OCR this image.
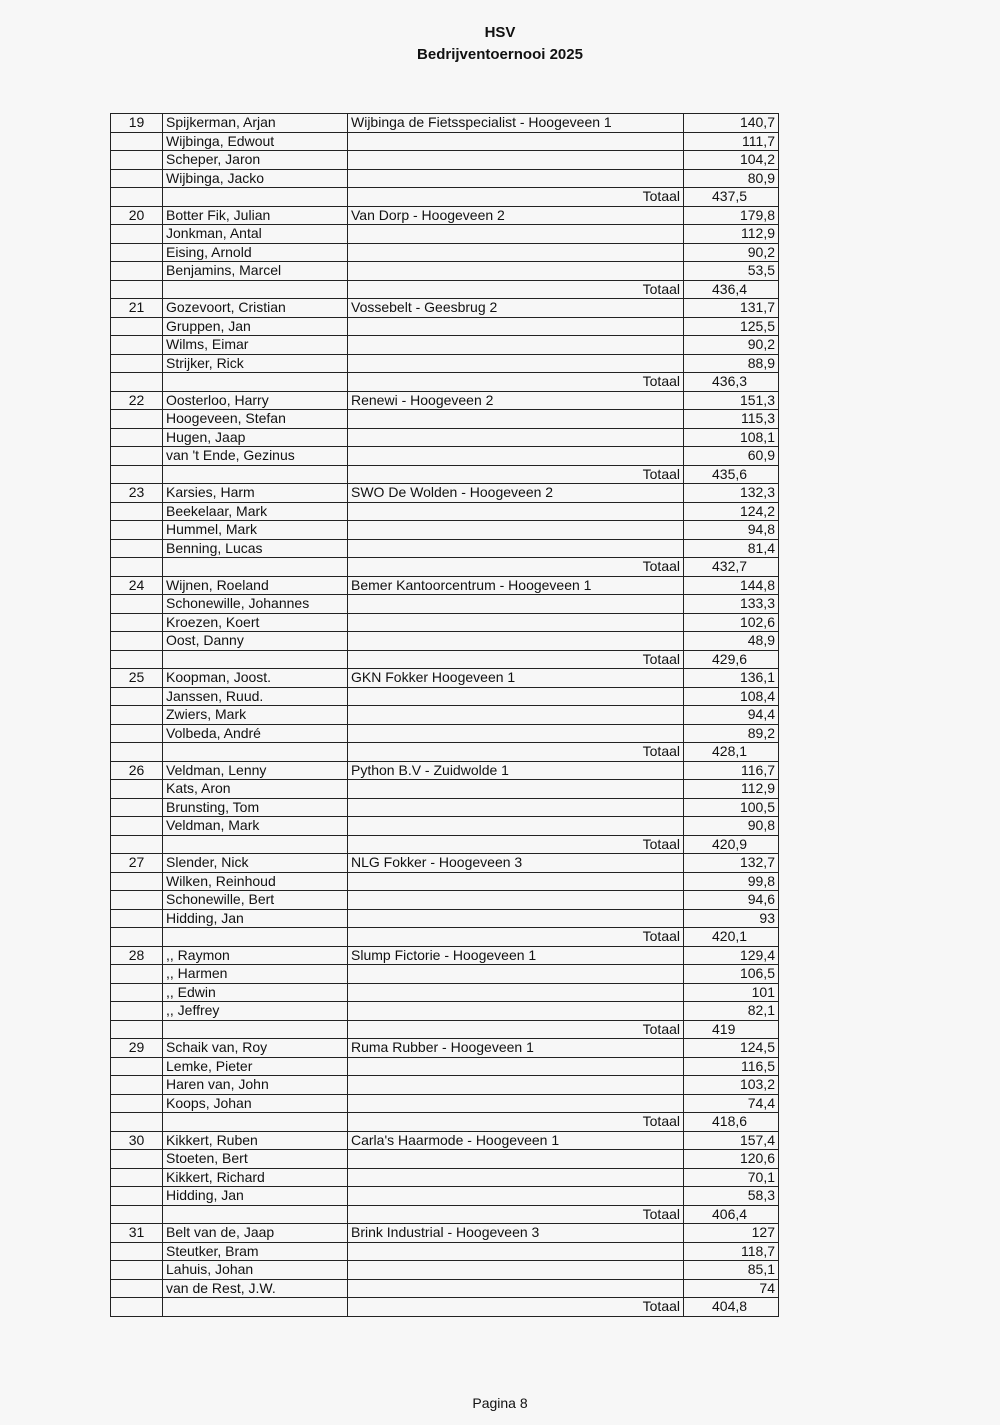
HSV
Bedrijventoernooi 2025
19	Spijkerman, Arjan	Wijbinga de Fietsspecialist - Hoogeveen 1	140,7
	Wijbinga, Edwout		111,7
	Scheper, Jaron		104,2
	Wijbinga, Jacko		80,9
		Totaal	437,5
20	Botter Fik, Julian	Van Dorp - Hoogeveen 2	179,8
	Jonkman, Antal		112,9
	Eising, Arnold		90,2
	Benjamins, Marcel		53,5
		Totaal	436,4
21	Gozevoort, Cristian	Vossebelt - Geesbrug 2	131,7
	Gruppen, Jan		125,5
	Wilms, Eimar		90,2
	Strijker, Rick		88,9
		Totaal	436,3
22	Oosterloo, Harry	Renewi - Hoogeveen 2	151,3
	Hoogeveen, Stefan		115,3
	Hugen, Jaap		108,1
	van 't Ende, Gezinus		60,9
		Totaal	435,6
23	Karsies, Harm	SWO De Wolden - Hoogeveen 2	132,3
	Beekelaar, Mark		124,2
	Hummel, Mark		94,8
	Benning, Lucas		81,4
		Totaal	432,7
24	Wijnen, Roeland	Bemer Kantoorcentrum - Hoogeveen 1	144,8
	Schonewille, Johannes		133,3
	Kroezen, Koert		102,6
	Oost, Danny		48,9
		Totaal	429,6
25	Koopman, Joost.	GKN Fokker Hoogeveen 1	136,1
	Janssen, Ruud.		108,4
	Zwiers, Mark		94,4
	Volbeda, André		89,2
		Totaal	428,1
26	Veldman, Lenny	Python B.V - Zuidwolde 1	116,7
	Kats, Aron		112,9
	Brunsting, Tom		100,5
	Veldman, Mark		90,8
		Totaal	420,9
27	Slender, Nick	NLG Fokker - Hoogeveen 3	132,7
	Wilken, Reinhoud		99,8
	Schonewille, Bert		94,6
	Hidding, Jan		93
		Totaal	420,1
28	,, Raymon	Slump Fictorie - Hoogeveen 1	129,4
	,, Harmen		106,5
	,, Edwin		101
	,, Jeffrey		82,1
		Totaal	419
29	Schaik van, Roy	Ruma Rubber - Hoogeveen 1	124,5
	Lemke, Pieter		116,5
	Haren van, John		103,2
	Koops, Johan		74,4
		Totaal	418,6
30	Kikkert, Ruben	Carla's Haarmode - Hoogeveen 1	157,4
	Stoeten, Bert		120,6
	Kikkert, Richard		70,1
	Hidding, Jan		58,3
		Totaal	406,4
31	Belt van de, Jaap	Brink Industrial - Hoogeveen 3	127
	Steutker, Bram		118,7
	Lahuis, Johan		85,1
	van de Rest, J.W.		74
		Totaal	404,8
Pagina 8
